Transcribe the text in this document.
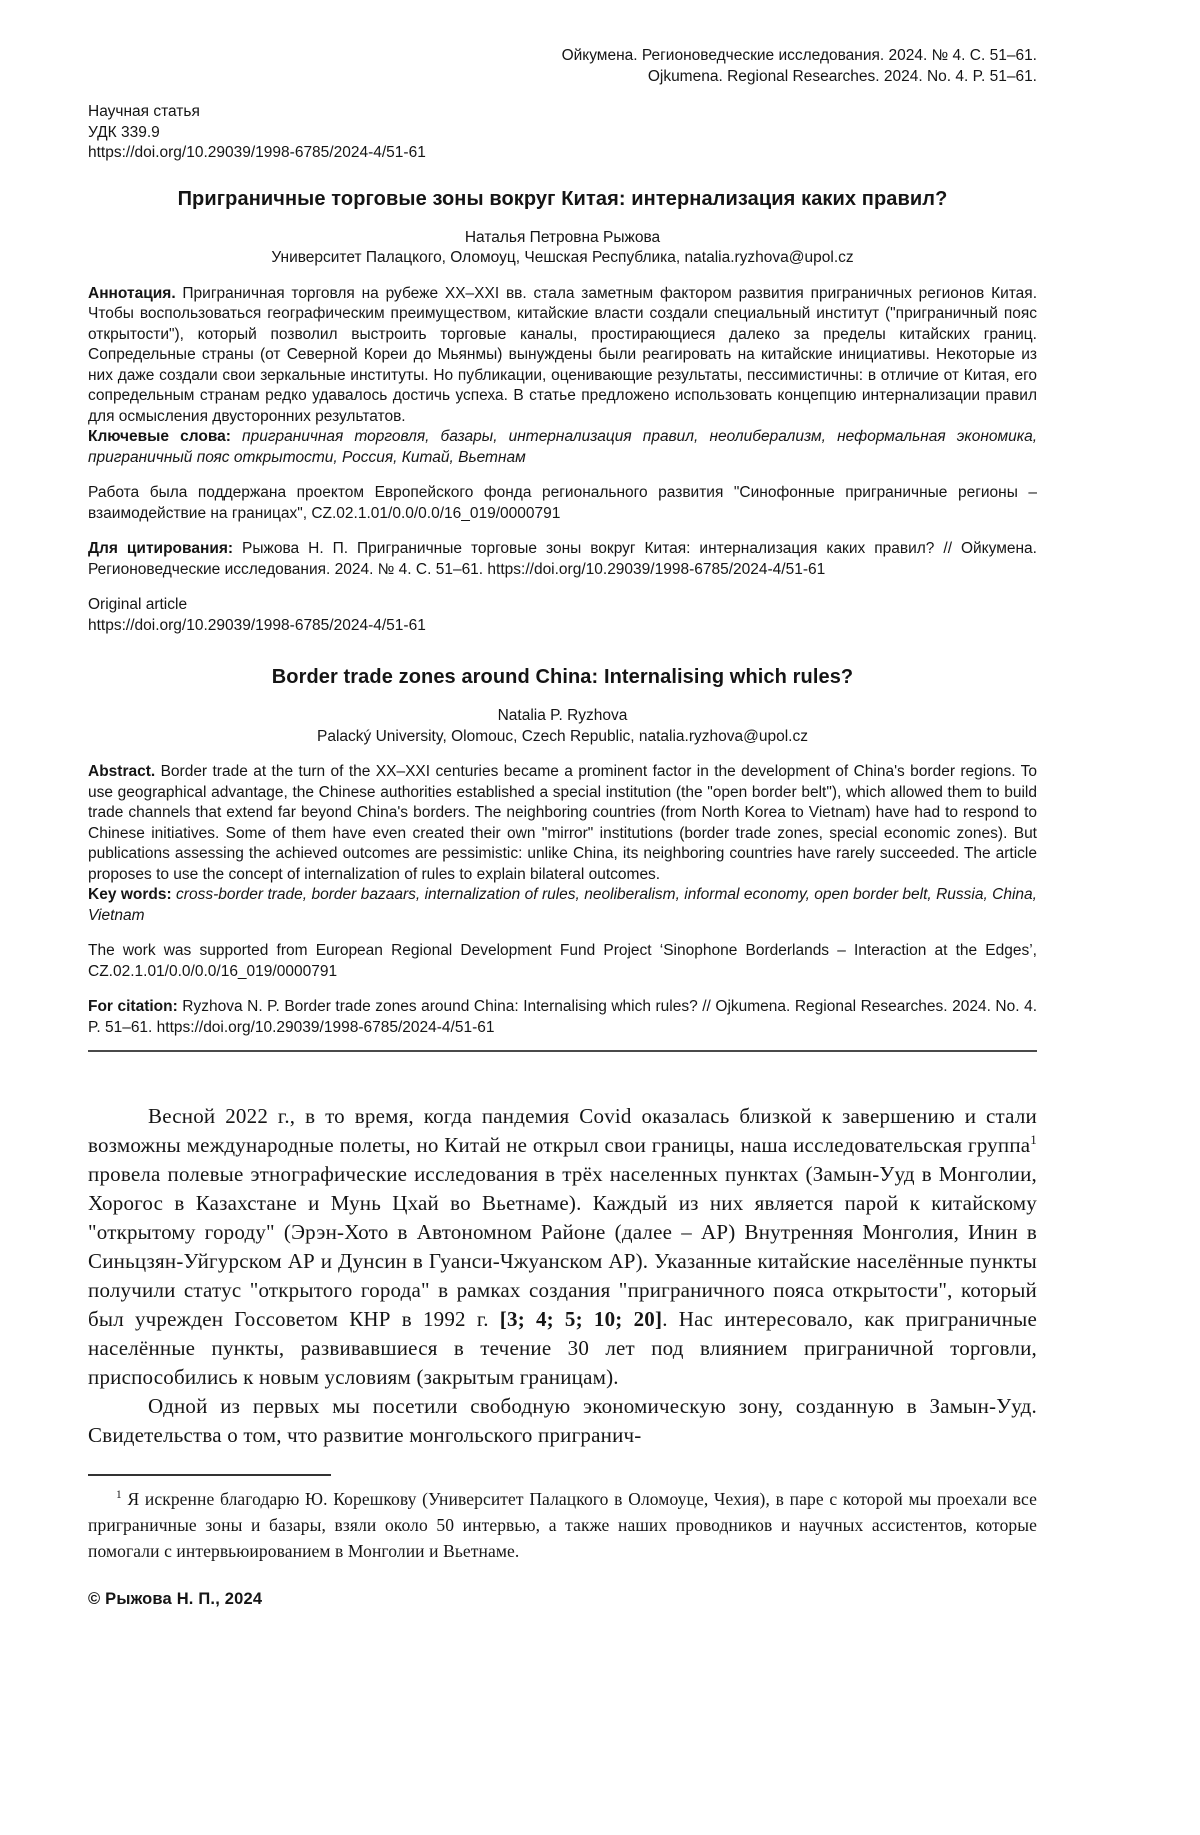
Ойкумена. Регионоведческие исследования. 2024. № 4. С. 51–61.
Ojkumena. Regional Researches. 2024. No. 4. P. 51–61.
Научная статья
УДК 339.9
https://doi.org/10.29039/1998-6785/2024-4/51-61
Приграничные торговые зоны вокруг Китая: интернализация каких правил?
Наталья Петровна Рыжова
Университет Палацкого, Оломоуц, Чешская Республика, natalia.ryzhova@upol.cz

Аннотация. Приграничная торговля на рубеже XX–XXI вв. стала заметным фактором развития приграничных регионов Китая. Чтобы воспользоваться географическим преимуществом, китайские власти создали специальный институт ("приграничный пояс открытости"), который позволил выстроить торговые каналы, простирающиеся далеко за пределы китайских границ. Сопредельные страны (от Северной Кореи до Мьянмы) вынуждены были реагировать на китайские инициативы. Некоторые из них даже создали свои зеркальные институты. Но публикации, оценивающие результаты, пессимистичны: в отличие от Китая, его сопредельным странам редко удавалось достичь успеха. В статье предложено использовать концепцию интернализации правил для осмысления двусторонних результатов.

Ключевые слова: приграничная торговля, базары, интернализация правил, неолиберализм, неформальная экономика, приграничный пояс открытости, Россия, Китай, Вьетнам

Работа была поддержана проектом Европейского фонда регионального развития "Синофонные приграничные регионы – взаимодействие на границах", CZ.02.1.01/0.0/0.0/16_019/0000791

Для цитирования: Рыжова Н. П. Приграничные торговые зоны вокруг Китая: интернализация каких правил? // Ойкумена. Регионоведческие исследования. 2024. № 4. С. 51–61. https://doi.org/10.29039/1998-6785/2024-4/51-61

Original article
https://doi.org/10.29039/1998-6785/2024-4/51-61
Border trade zones around China: Internalising which rules?
Natalia P. Ryzhova
Palacký University, Olomouc, Czech Republic, natalia.ryzhova@upol.cz

Abstract. Border trade at the turn of the XX–XXI centuries became a prominent factor in the development of China's border regions. To use geographical advantage, the Chinese authorities established a special institution (the "open border belt"), which allowed them to build trade channels that extend far beyond China's borders. The neighboring countries (from North Korea to Vietnam) have had to respond to Chinese initiatives. Some of them have even created their own "mirror" institutions (border trade zones, special economic zones). But publications assessing the achieved outcomes are pessimistic: unlike China, its neighboring countries have rarely succeeded. The article proposes to use the concept of internalization of rules to explain bilateral outcomes.

Key words: cross-border trade, border bazaars, internalization of rules, neoliberalism, informal economy, open border belt, Russia, China, Vietnam

The work was supported from European Regional Development Fund Project ‘Sinophone Borderlands – Interaction at the Edges’, CZ.02.1.01/0.0/0.0/16_019/0000791

For citation: Ryzhova N. P. Border trade zones around China: Internalising which rules? // Ojkumena. Regional Researches. 2024. No. 4. P. 51–61. https://doi.org/10.29039/1998-6785/2024-4/51-61

Весной 2022 г., в то время, когда пандемия Covid оказалась близкой к завершению и стали возможны международные полеты, но Китай не открыл свои границы, наша исследовательская группа$^1$ провела полевые этнографические исследования в трёх населенных пунктах (Замын-Ууд в Монголии, Хорогос в Казахстане и Мунь Цхай во Вьетнаме). Каждый из них является парой к китайскому "открытому городу" (Эрэн-Хото в Автономном Районе (далее – АР) Внутренняя Монголия, Инин в Синьцзян-Уйгурском АР и Дунсин в Гуанси-Чжуанском АР). Указанные китайские населённые пункты получили статус "открытого города" в рамках создания "приграничного пояса открытости", который был учрежден Госсоветом КНР в 1992 г. [3; 4; 5; 10; 20]. Нас интересовало, как приграничные населённые пункты, развивавшиеся в течение 30 лет под влиянием приграничной торговли, приспособились к новым условиям (закрытым границам).

Одной из первых мы посетили свободную экономическую зону, созданную в Замын-Ууд. Свидетельства о том, что развитие монгольского пригранич-

$^1$ Я искренне благодарю Ю. Корешкову (Университет Палацкого в Оломоуце, Чехия), в паре с которой мы проехали все приграничные зоны и базары, взяли около 50 интервью, а также наших проводников и научных ассистентов, которые помогали с интервьюированием в Монголии и Вьетнаме.

© Рыжова Н. П., 2024
